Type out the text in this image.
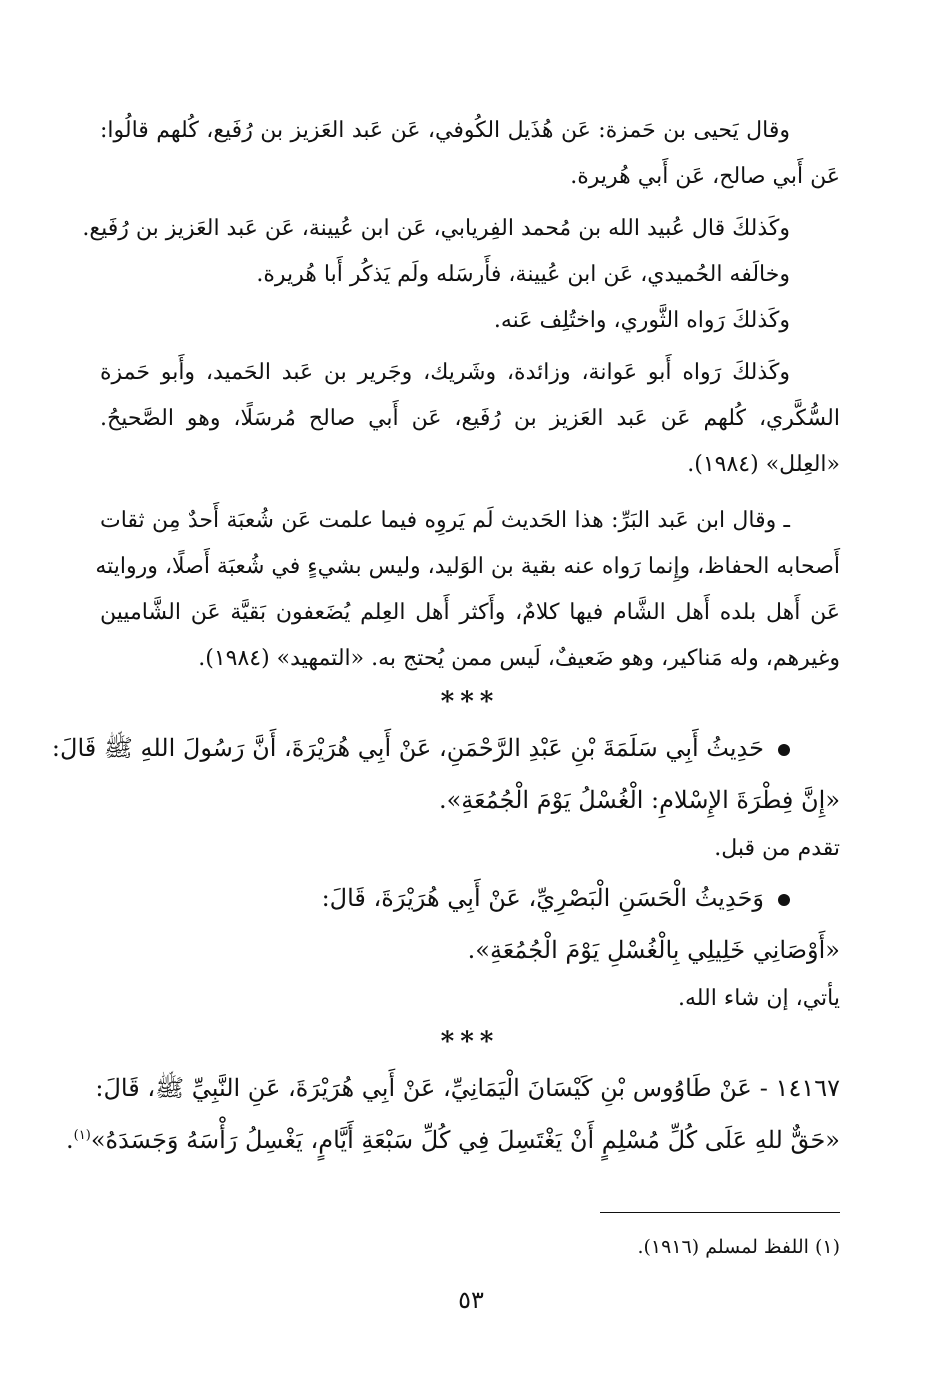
وقال يَحيى بن حَمزة: عَن هُذَيل الكُوفي، عَن عَبد العَزيز بن رُفَيع، كُلهم قالُوا:
عَن أَبي صالح، عَن أَبي هُريرة.
وكَذلكَ قال عُبيد الله بن مُحمد الفِريابي، عَن ابن عُيينة، عَن عَبد العَزيز بن رُفَيع.
وخالَفه الحُميدي، عَن ابن عُيينة، فأَرسَله ولَم يَذكُر أَبا هُريرة.
وكَذلكَ رَواه الثَّوري، واختُلِف عَنه.
وكَذلكَ رَواه أَبو عَوانة، وزائدة، وشَريك، وجَرير بن عَبد الحَميد، وأَبو حَمزة
السُّكَّري، كُلهم عَن عَبد العَزيز بن رُفَيع، عَن أَبي صالح مُرسَلًا، وهو الصَّحيحُ.
«العِلل» (١٩٨٤).
ـ وقال ابن عَبد البَرِّ: هذا الحَديث لَم يَروِه فيما علمت عَن شُعبَة أَحدٌ مِن ثقات
أَصحابه الحفاظ، وإِنما رَواه عنه بقية بن الوَليد، وليس بشيءٍ في شُعبَة أَصلًا، وروايته
عَن أَهل بلده أَهل الشَّام فيها كلامٌ، وأَكثر أَهل العِلم يُضَعفون بَقيَّة عَن الشَّاميين
وغيرهم، وله مَناكير، وهو ضَعيفٌ، لَيس ممن يُحتج به. «التمهيد» (١٩٨٤).
***
حَدِيثُ أَبِي سَلَمَةَ بْنِ عَبْدِ الرَّحْمَنِ، عَنْ أَبِي هُرَيْرَةَ، أَنَّ رَسُولَ اللهِ ﷺ قَالَ:
«إِنَّ فِطْرَةَ الإِسْلامِ: الْغُسْلُ يَوْمَ الْجُمُعَةِ».
تقدم من قبل.
وَحَدِيثُ الْحَسَنِ الْبَصْرِيِّ، عَنْ أَبِي هُرَيْرَةَ، قَالَ:
«أَوْصَانِي خَلِيلِي بِالْغُسْلِ يَوْمَ الْجُمُعَةِ».
يأتي، إن شاء الله.
***
١٤١٦٧ -عَنْ طَاوُوس بْنِ كَيْسَانَ الْيَمَانِيِّ، عَنْ أَبِي هُرَيْرَةَ، عَنِ النَّبِيِّ ﷺ، قَالَ:
«حَقٌّ للهِ عَلَى كُلِّ مُسْلِمٍ أَنْ يَغْتَسِلَ فِي كُلِّ سَبْعَةِ أَيَّامٍ، يَغْسِلُ رَأْسَهُ وَجَسَدَهُ»$^{(١)}$.
(١) اللفظ لمسلم (١٩١٦).
٥٣
